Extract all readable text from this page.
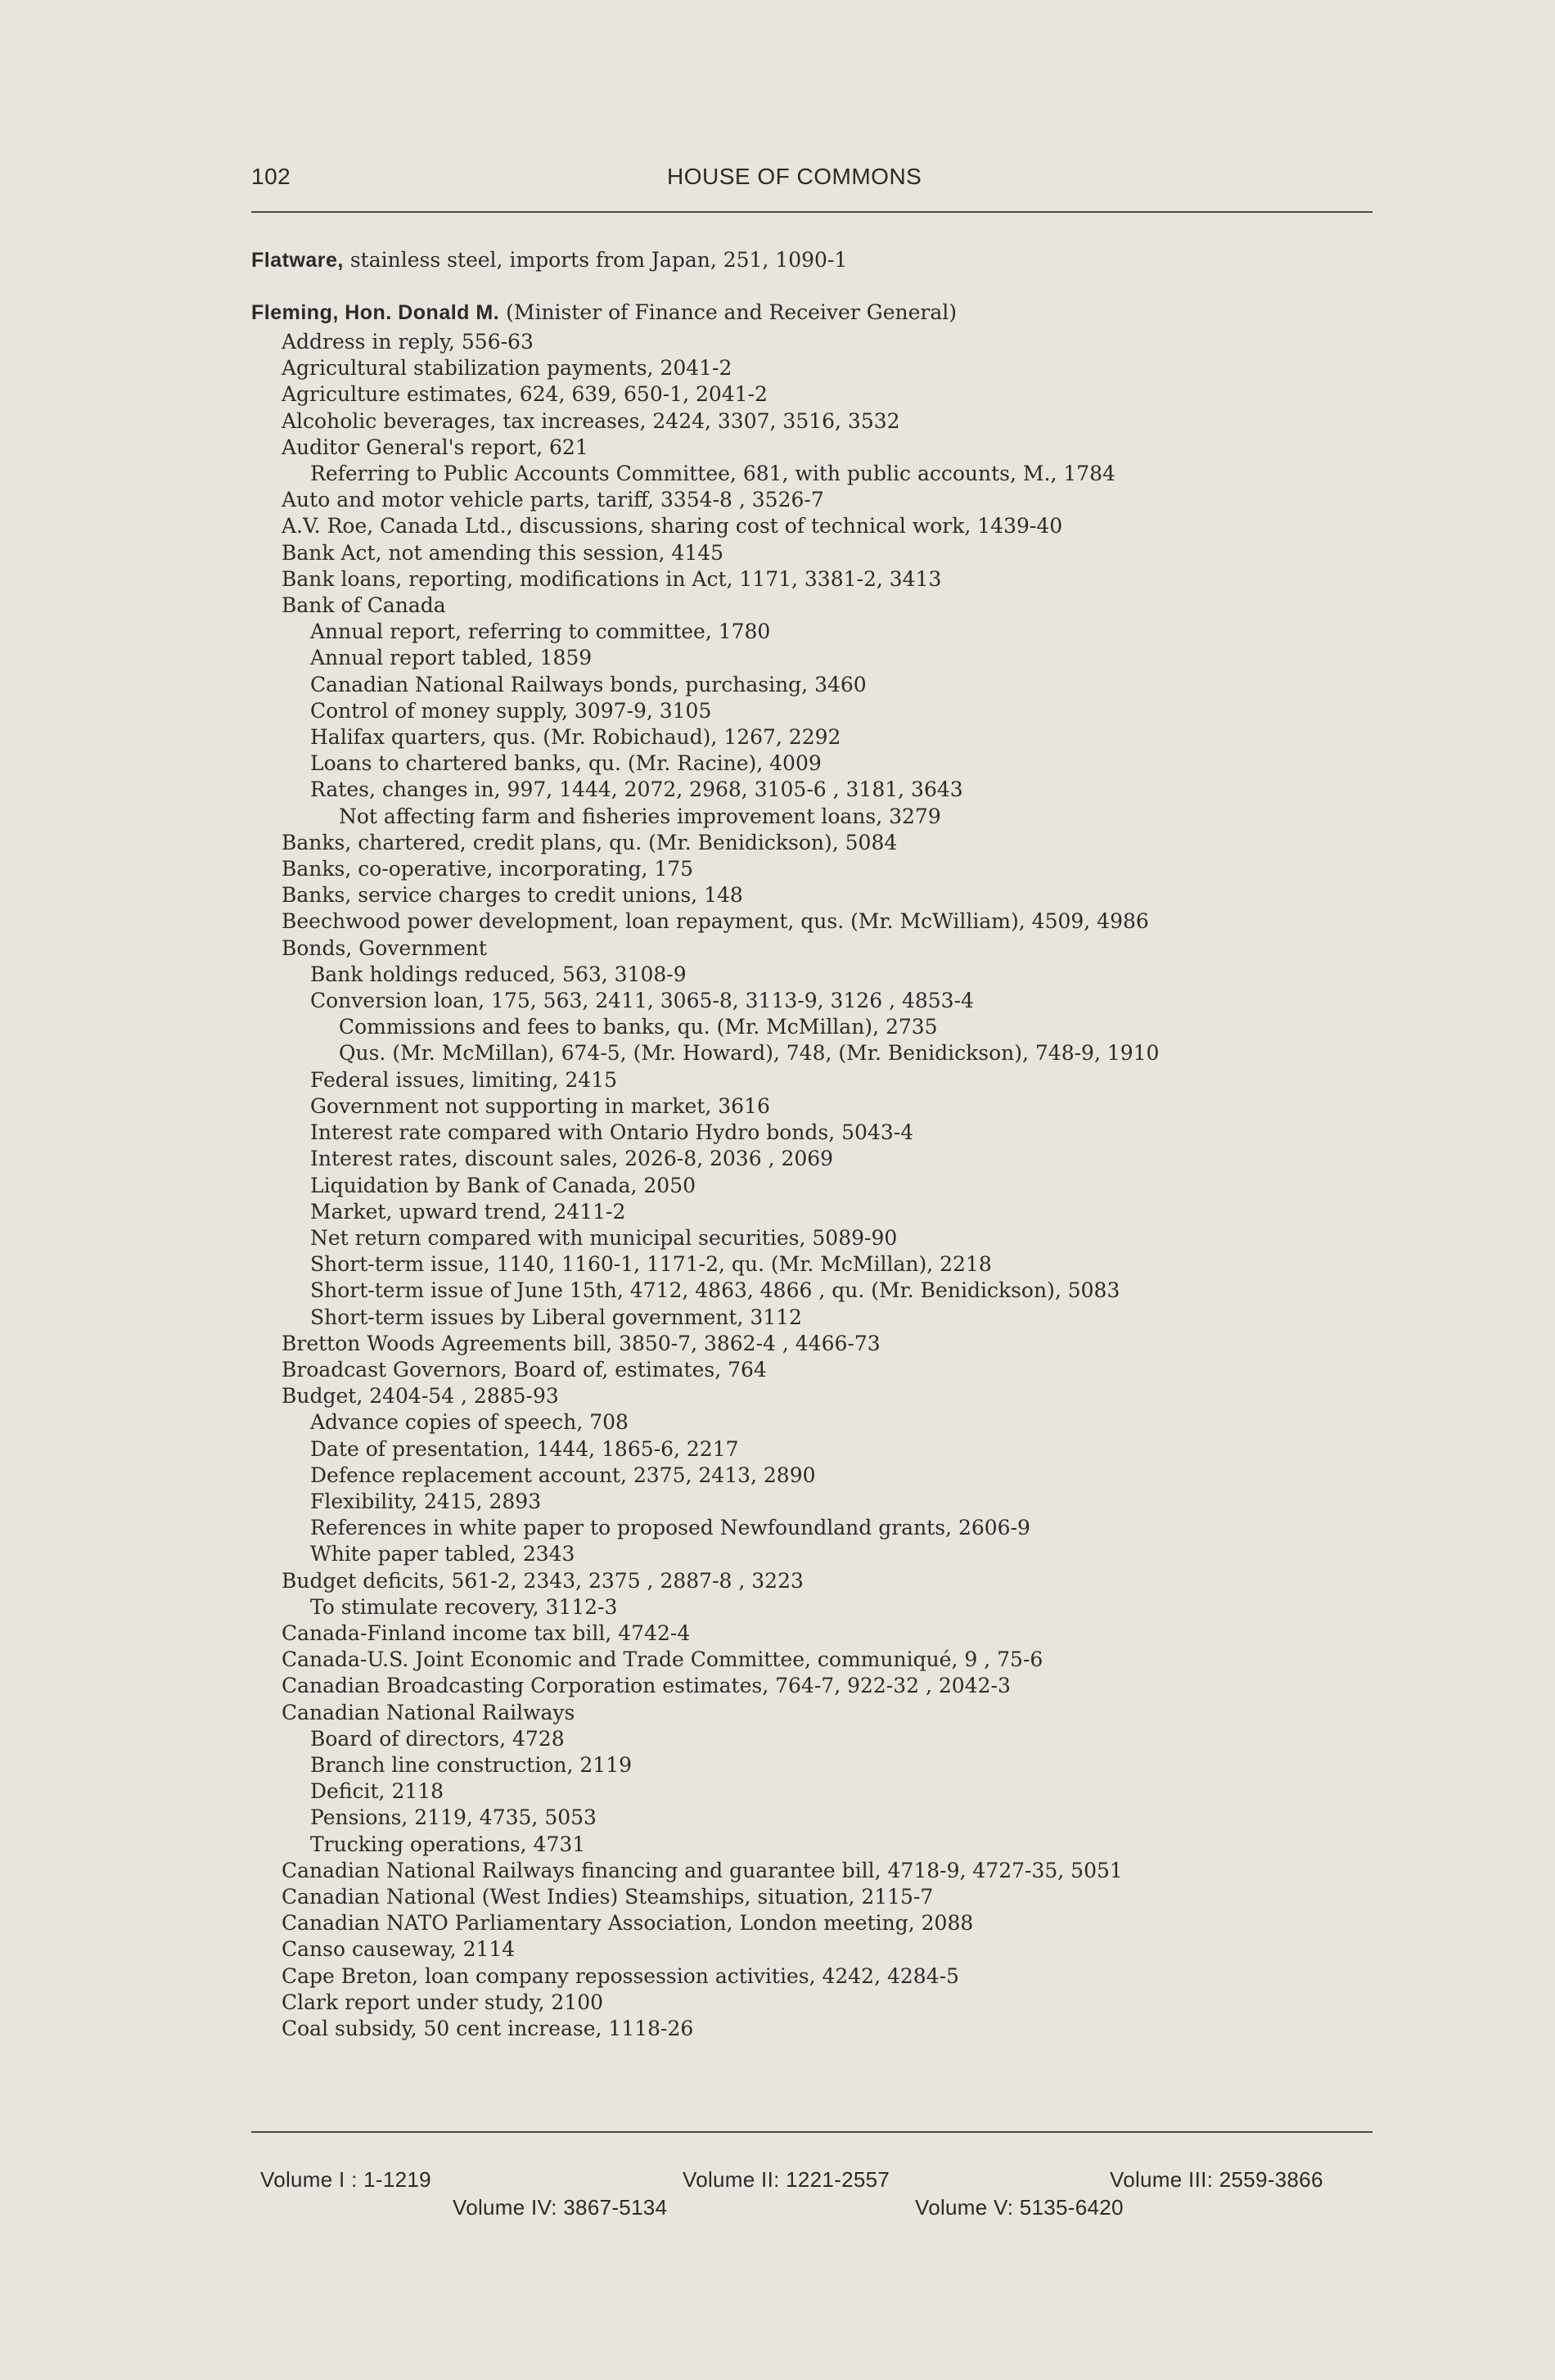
102	HOUSE OF COMMONS
Flatware, stainless steel, imports from Japan, 251, 1090-1
Fleming, Hon. Donald M. (Minister of Finance and Receiver General)
Address in reply, 556-63
Agricultural stabilization payments, 2041-2
Agriculture estimates, 624, 639, 650-1, 2041-2
Alcoholic beverages, tax increases, 2424, 3307, 3516, 3532
Auditor General's report, 621
Referring to Public Accounts Committee, 681, with public accounts, M., 1784
Auto and motor vehicle parts, tariff, 3354-8 , 3526-7
A.V. Roe, Canada Ltd., discussions, sharing cost of technical work, 1439-40
Bank Act, not amending this session, 4145
Bank loans, reporting, modifications in Act, 1171, 3381-2, 3413
Bank of Canada
Annual report, referring to committee, 1780
Annual report tabled, 1859
Canadian National Railways bonds, purchasing, 3460
Control of money supply, 3097-9, 3105
Halifax quarters, qus. (Mr. Robichaud), 1267, 2292
Loans to chartered banks, qu. (Mr. Racine), 4009
Rates, changes in, 997, 1444, 2072, 2968, 3105-6 , 3181, 3643
Not affecting farm and fisheries improvement loans, 3279
Banks, chartered, credit plans, qu. (Mr. Benidickson), 5084
Banks, co-operative, incorporating, 175
Banks, service charges to credit unions, 148
Beechwood power development, loan repayment, qus. (Mr. McWilliam), 4509, 4986
Bonds, Government
Bank holdings reduced, 563, 3108-9
Conversion loan, 175, 563, 2411, 3065-8, 3113-9, 3126 , 4853-4
Commissions and fees to banks, qu. (Mr. McMillan), 2735
Qus. (Mr. McMillan), 674-5, (Mr. Howard), 748, (Mr. Benidickson), 748-9, 1910
Federal issues, limiting, 2415
Government not supporting in market, 3616
Interest rate compared with Ontario Hydro bonds, 5043-4
Interest rates, discount sales, 2026-8, 2036 , 2069
Liquidation by Bank of Canada, 2050
Market, upward trend, 2411-2
Net return compared with municipal securities, 5089-90
Short-term issue, 1140, 1160-1, 1171-2, qu. (Mr. McMillan), 2218
Short-term issue of June 15th, 4712, 4863, 4866 , qu. (Mr. Benidickson), 5083
Short-term issues by Liberal government, 3112
Bretton Woods Agreements bill, 3850-7, 3862-4 , 4466-73
Broadcast Governors, Board of, estimates, 764
Budget, 2404-54 , 2885-93
Advance copies of speech, 708
Date of presentation, 1444, 1865-6, 2217
Defence replacement account, 2375, 2413, 2890
Flexibility, 2415, 2893
References in white paper to proposed Newfoundland grants, 2606-9
White paper tabled, 2343
Budget deficits, 561-2, 2343, 2375 , 2887-8 , 3223
To stimulate recovery, 3112-3
Canada-Finland income tax bill, 4742-4
Canada-U.S. Joint Economic and Trade Committee, communiqué, 9 , 75-6
Canadian Broadcasting Corporation estimates, 764-7, 922-32 , 2042-3
Canadian National Railways
Board of directors, 4728
Branch line construction, 2119
Deficit, 2118
Pensions, 2119, 4735, 5053
Trucking operations, 4731
Canadian National Railways financing and guarantee bill, 4718-9, 4727-35, 5051
Canadian National (West Indies) Steamships, situation, 2115-7
Canadian NATO Parliamentary Association, London meeting, 2088
Canso causeway, 2114
Cape Breton, loan company repossession activities, 4242, 4284-5
Clark report under study, 2100
Coal subsidy, 50 cent increase, 1118-26
Volume I : 1-1219	Volume II: 1221-2557	Volume III: 2559-3866
Volume IV: 3867-5134	Volume V: 5135-6420
